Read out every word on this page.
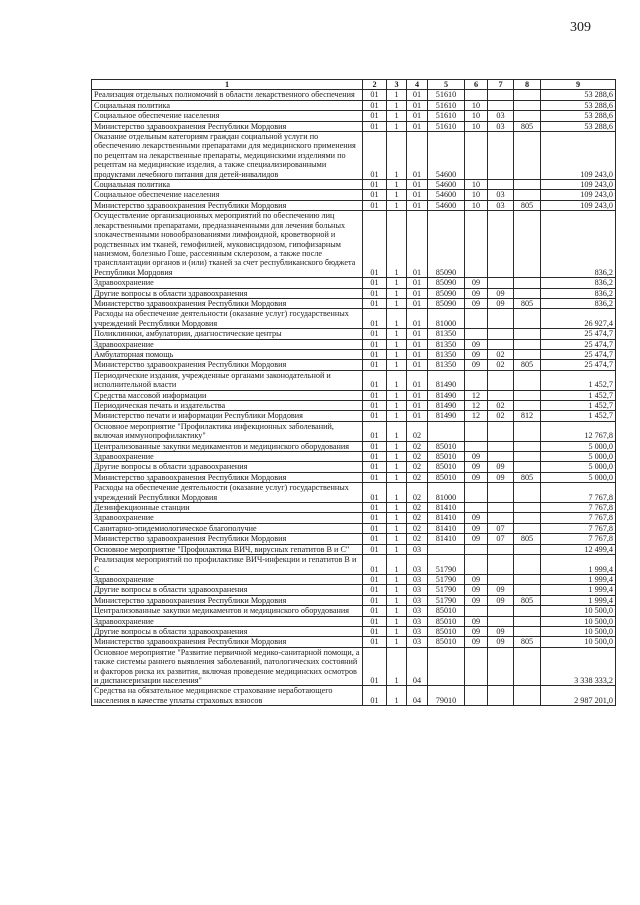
309
1	2	3	4	5	6	7	8	9
Реализация отдельных полномочий в области лекарственного обеспечения	01	1	01	51610				53 288,6
Социальная политика	01	1	01	51610	10			53 288,6
Социальное обеспечение населения	01	1	01	51610	10	03		53 288,6
Министерство здравоохранения Республики Мордовия	01	1	01	51610	10	03	805	53 288,6
Оказание отдельным категориям граждан социальной услуги по обеспечению лекарственными препаратами для медицинского применения по рецептам на лекарственные препараты, медицинскими изделиями по рецептам на медицинские изделия, а также специализированными продуктами лечебного питания для детей-инвалидов	01	1	01	54600				109 243,0
Социальная политика	01	1	01	54600	10			109 243,0
Социальное обеспечение населения	01	1	01	54600	10	03		109 243,0
Министерство здравоохранения Республики Мордовия	01	1	01	54600	10	03	805	109 243,0
Осуществление организационных мероприятий по обеспечению лиц лекарственными препаратами, предназначенными для лечения больных злокачественными новообразованиями лимфоидной, кроветворной и родственных им тканей, гемофилией, муковисцидозом, гипофизарным нанизмом, болезнью Гоше, рассеянным склерозом, а также после трансплантации органов и (или) тканей за счет республиканского бюджета Республики Мордовия	01	1	01	85090				836,2
Здравоохранение	01	1	01	85090	09			836,2
Другие вопросы в области здравоохранения	01	1	01	85090	09	09		836,2
Министерство здравоохранения Республики Мордовия	01	1	01	85090	09	09	805	836,2
Расходы на обеспечение деятельности (оказание услуг) государственных учреждений Республики Мордовия	01	1	01	81000				26 927,4
Поликлиники, амбулатории, диагностические центры	01	1	01	81350				25 474,7
Здравоохранение	01	1	01	81350	09			25 474,7
Амбулаторная помощь	01	1	01	81350	09	02		25 474,7
Министерство здравоохранения Республики Мордовия	01	1	01	81350	09	02	805	25 474,7
Периодические издания, учрежденные органами законодательной и исполнительной власти	01	1	01	81490				1 452,7
Средства массовой информации	01	1	01	81490	12			1 452,7
Периодическая печать и издательства	01	1	01	81490	12	02		1 452,7
Министерство печати и информации Республики Мордовия	01	1	01	81490	12	02	812	1 452,7
Основное мероприятие "Профилактика инфекционных заболеваний, включая иммунопрофилактику"	01	1	02					12 767,8
Централизованные закупки медикаментов и медицинского оборудования	01	1	02	85010				5 000,0
Здравоохранение	01	1	02	85010	09			5 000,0
Другие вопросы в области здравоохранения	01	1	02	85010	09	09		5 000,0
Министерство здравоохранения Республики Мордовия	01	1	02	85010	09	09	805	5 000,0
Расходы на обеспечение деятельности (оказание услуг) государственных учреждений Республики Мордовия	01	1	02	81000				7 767,8
Дезинфекционные станции	01	1	02	81410				7 767,8
Здравоохранение	01	1	02	81410	09			7 767,8
Санитарно-эпидемиологическое благополучие	01	1	02	81410	09	07		7 767,8
Министерство здравоохранения Республики Мордовия	01	1	02	81410	09	07	805	7 767,8
Основное мероприятие "Профилактика ВИЧ, вирусных гепатитов В и С"	01	1	03					12 499,4
Реализация мероприятий по профилактике ВИЧ-инфекции и гепатитов В и С	01	1	03	51790				1 999,4
Здравоохранение	01	1	03	51790	09			1 999,4
Другие вопросы в области здравоохранения	01	1	03	51790	09	09		1 999,4
Министерство здравоохранения Республики Мордовия	01	1	03	51790	09	09	805	1 999,4
Централизованные закупки медикаментов и медицинского оборудования	01	1	03	85010				10 500,0
Здравоохранение	01	1	03	85010	09			10 500,0
Другие вопросы в области здравоохранения	01	1	03	85010	09	09		10 500,0
Министерство здравоохранения Республики Мордовия	01	1	03	85010	09	09	805	10 500,0
Основное мероприятие "Развитие первичной медико-санитарной помощи, а также системы раннего выявления заболеваний, патологических состояний и факторов риска их развития, включая проведение медицинских осмотров и диспансеризации населения"	01	1	04					3 338 333,2
Средства на обязательное медицинское страхование неработающего населения в качестве уплаты страховых взносов	01	1	04	79010				2 987 201,0
